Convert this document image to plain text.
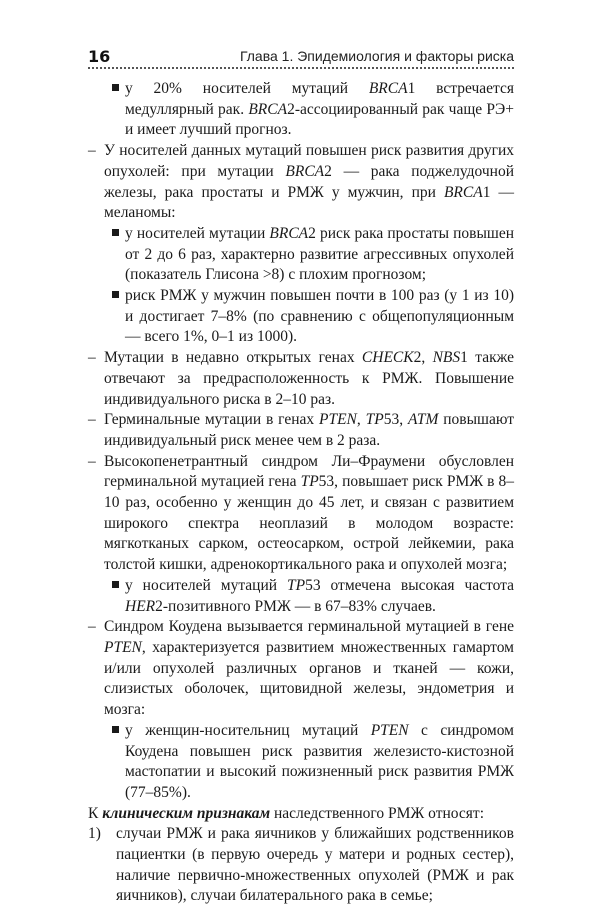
16	Глава 1. Эпидемиология и факторы риска
у 20% носителей мутаций BRCA1 встречается медуллярный рак. BRCA2-ассоциированный рак чаще РЭ+ и имеет лучший прогноз.
– У носителей данных мутаций повышен риск развития других опухолей: при мутации BRCA2 — рака поджелудочной железы, рака простаты и РМЖ у мужчин, при BRCA1 — меланомы:
у носителей мутации BRCA2 риск рака простаты повышен от 2 до 6 раз, характерно развитие агрессивных опухолей (показатель Глисона >8) с плохим прогнозом;
риск РМЖ у мужчин повышен почти в 100 раз (у 1 из 10) и достигает 7–8% (по сравнению с общепопуляционным — всего 1%, 0–1 из 1000).
– Мутации в недавно открытых генах CHECK2, NBS1 также отвечают за предрасположенность к РМЖ. Повышение индивидуального риска в 2–10 раз.
– Герминальные мутации в генах PTEN, TP53, ATM повышают индивидуальный риск менее чем в 2 раза.
– Высокопенетрантный синдром Ли–Фраумени обусловлен герминальной мутацией гена TP53, повышает риск РМЖ в 8–10 раз, особенно у женщин до 45 лет, и связан с развитием широкого спектра неоплазий в молодом возрасте: мягкотканых сарком, остеосарком, острой лейкемии, рака толстой кишки, адренокортикального рака и опухолей мозга;
у носителей мутаций TP53 отмечена высокая частота HER2-позитивного РМЖ — в 67–83% случаев.
– Синдром Коудена вызывается герминальной мутацией в гене PTEN, характеризуется развитием множественных гамартом и/или опухолей различных органов и тканей — кожи, слизистых оболочек, щитовидной железы, эндометрия и мозга:
у женщин-носительниц мутаций PTEN с синдромом Коудена повышен риск развития железисто-кистозной мастопатии и высокий пожизненный риск развития РМЖ (77–85%).
К клиническим признакам наследственного РМЖ относят:
1) случаи РМЖ и рака яичников у ближайших родственников пациентки (в первую очередь у матери и родных сестер), наличие первично-множественных опухолей (РМЖ и рак яичников), случаи билатерального рака в семье;
